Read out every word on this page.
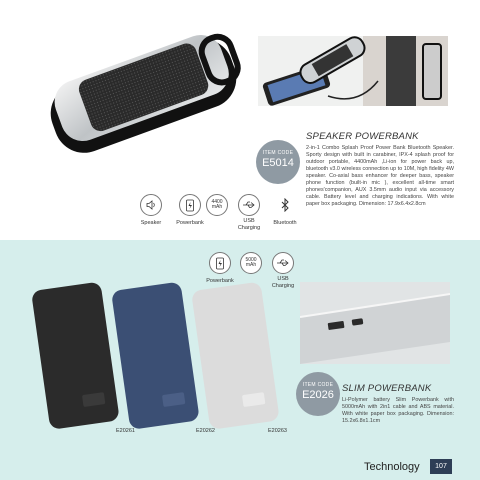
ITEM CODE
E5014
SPEAKER POWERBANK
2-in-1 Combo Splash Proof Power Bank Bluetooth Speaker. Sporty design with built in carabiner, IPX-4 splash proof for outdoor portable, 4400mAh ,Li-ion for power back up, bluetooth v3.0 wireless connection up to 10M, high fidelity 4W speaker. Co-axial bass enhancer for deeper bass, speaker phone function (built-in mic ), excellent all-time smart phones'companion, AUX 3.5mm audio input via accessory cable. Battery level and charging indications. With white paper box packaging. Dimension: 17.9x6.4x2.8cm
Speaker	Powerbank
4400
mAh
USB
Charging
Bluetooth
Powerbank
5000
mAh
USB
Charging
E20261	E20262	E20263
ITEM CODE
E2026
SLIM POWERBANK
Li-Polymer battery Slim Powerbank with 5000mAh with 2in1 cable and ABS material. With white paper box packaging. Dimension: 15.2x6.8x1.1cm
Technology	107
